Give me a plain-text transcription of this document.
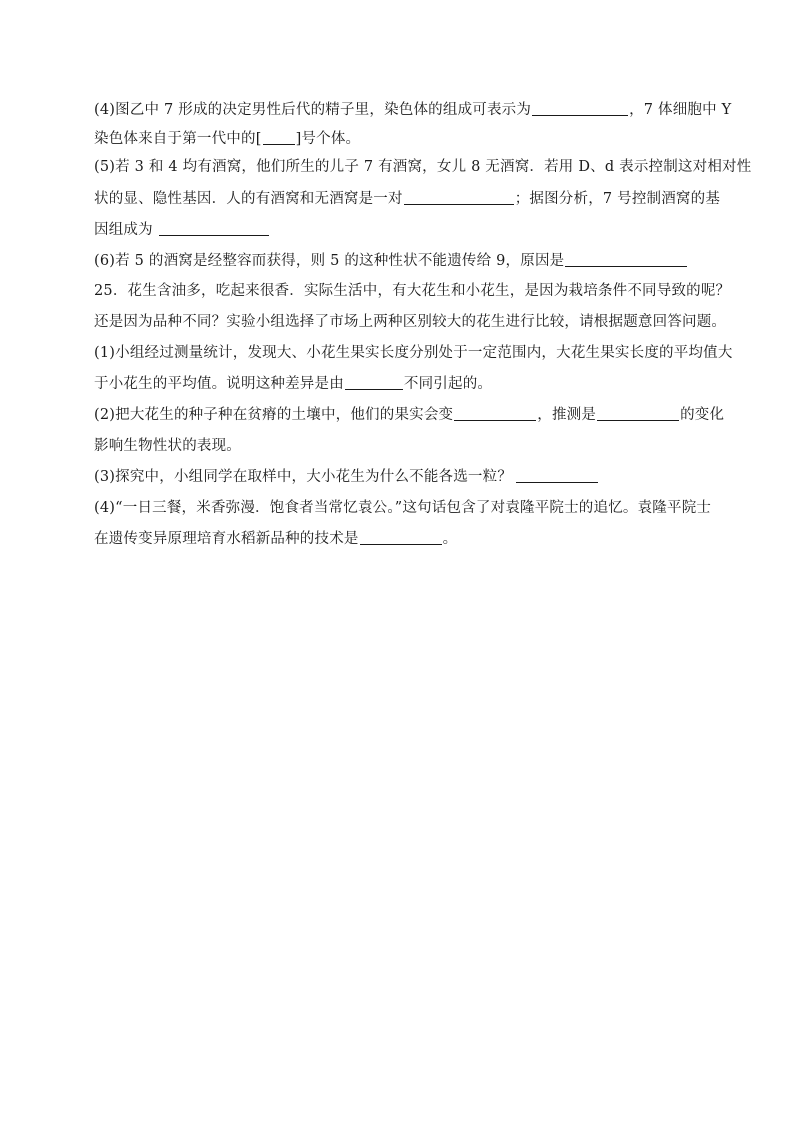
(4)图乙中 7 形成的决定男性后代的精子里，染色体的组成可表示为	，7 体细胞中 Y
染色体来自于第一代中的[ ]号个体。
(5)若 3 和 4 均有酒窝，他们所生的儿子 7 有酒窝，女儿 8 无酒窝．若用 D、d 表示控制这对相对性
状的显、隐性基因．人的有酒窝和无酒窝是一对	；据图分析，7 号控制酒窝的基
因组成为
(6)若 5 的酒窝是经整容而获得，则 5 的这种性状不能遗传给 9，原因是
25．花生含油多，吃起来很香．实际生活中，有大花生和小花生，是因为栽培条件不同导致的呢？
还是因为品种不同？实验小组选择了市场上两种区别较大的花生进行比较，请根据题意回答问题。
(1)小组经过测量统计，发现大、小花生果实长度分别处于一定范围内，大花生果实长度的平均值大
于小花生的平均值。说明这种差异是由	不同引起的。
(2)把大花生的种子种在贫瘠的土壤中，他们的果实会变	，推测是	的变化
影响生物性状的表现。
(3)探究中，小组同学在取样中，大小花生为什么不能各选一粒？
(4)“一日三餐，米香弥漫．饱食者当常忆袁公。”这句话包含了对袁隆平院士的追忆。袁隆平院士
在遗传变异原理培育水稻新品种的技术是	。
